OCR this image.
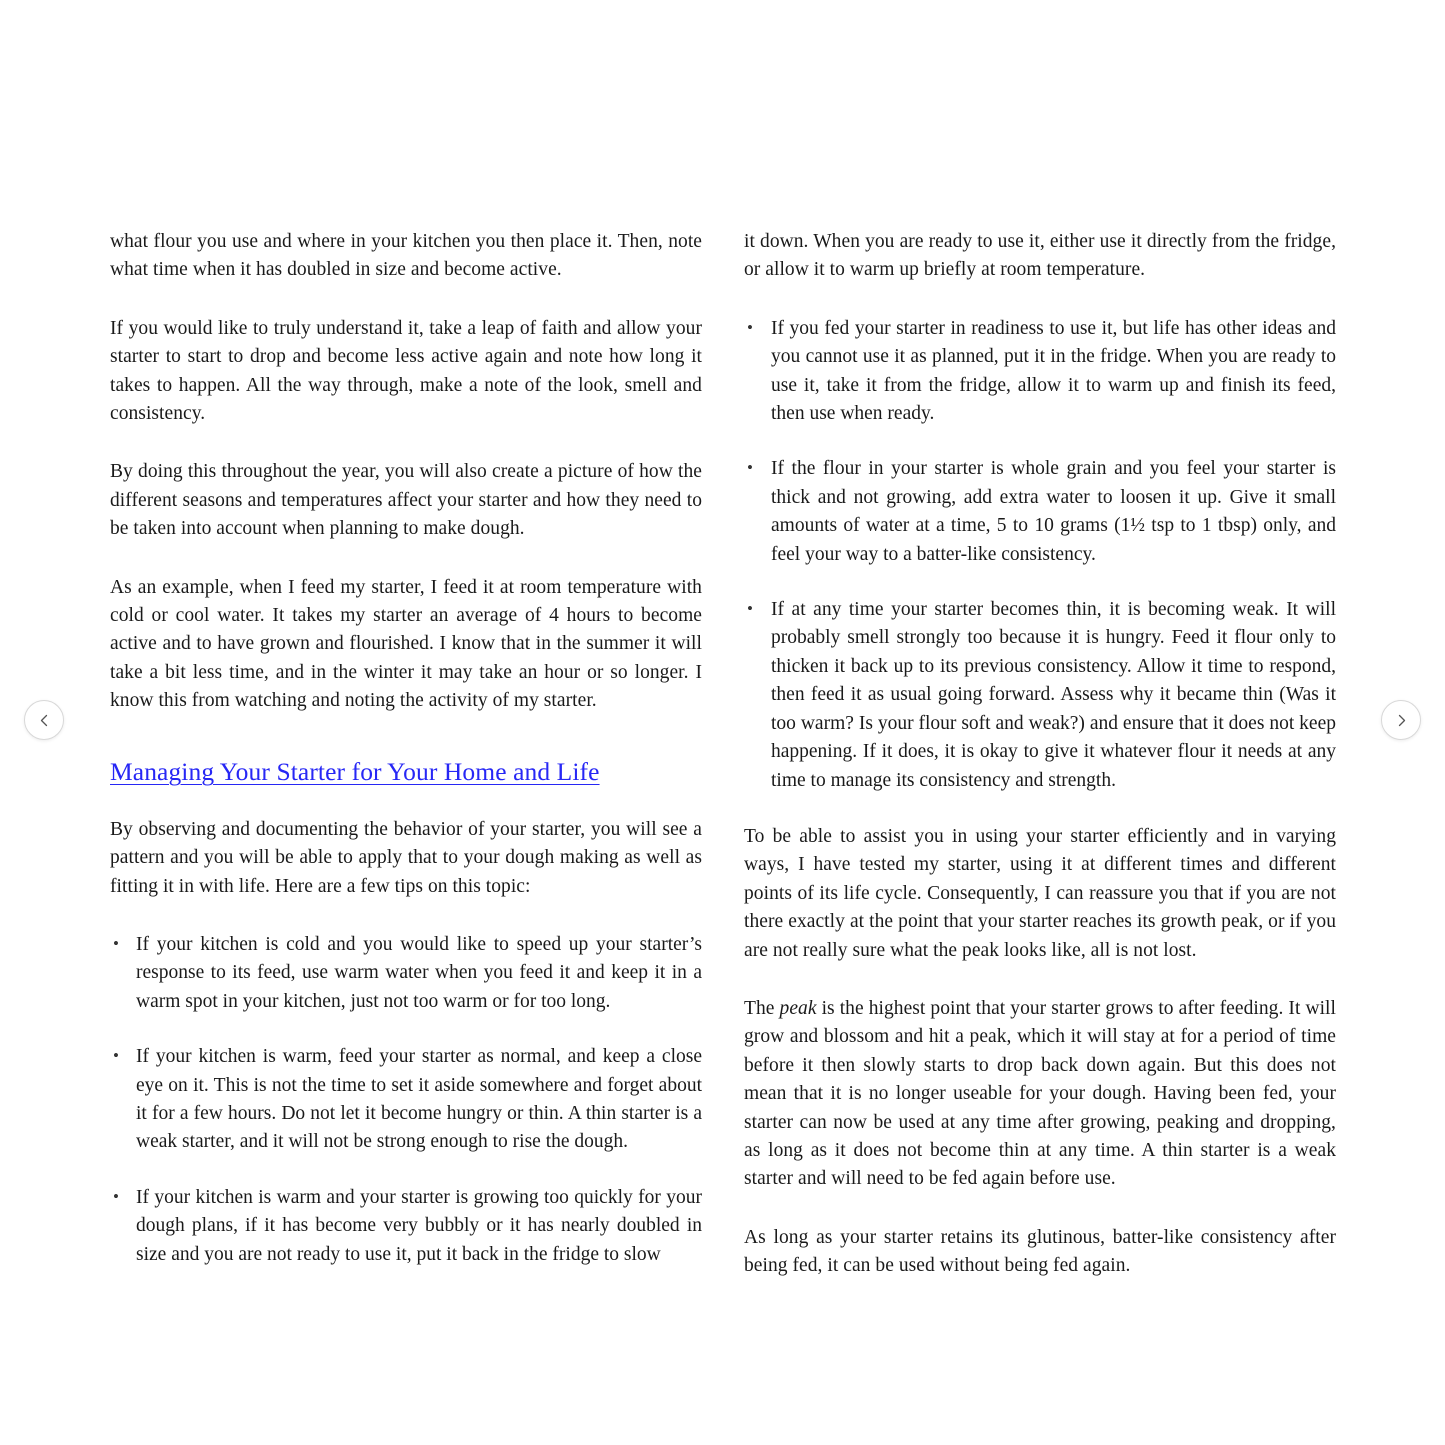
what flour you use and where in your kitchen you then place it. Then, note what time when it has doubled in size and become active.

If you would like to truly understand it, take a leap of faith and allow your starter to start to drop and become less active again and note how long it takes to happen. All the way through, make a note of the look, smell and consistency.

By doing this throughout the year, you will also create a picture of how the different seasons and temperatures affect your starter and how they need to be taken into account when planning to make dough.

As an example, when I feed my starter, I feed it at room temperature with cold or cool water. It takes my starter an average of 4 hours to become active and to have grown and flourished. I know that in the summer it will take a bit less time, and in the winter it may take an hour or so longer. I know this from watching and noting the activity of my starter.

Managing Your Starter for Your Home and Life

By observing and documenting the behavior of your starter, you will see a pattern and you will be able to apply that to your dough making as well as fitting it in with life. Here are a few tips on this topic:

• If your kitchen is cold and you would like to speed up your starter’s response to its feed, use warm water when you feed it and keep it in a warm spot in your kitchen, just not too warm or for too long.
• If your kitchen is warm, feed your starter as normal, and keep a close eye on it. This is not the time to set it aside somewhere and forget about it for a few hours. Do not let it become hungry or thin. A thin starter is a weak starter, and it will not be strong enough to rise the dough.
• If your kitchen is warm and your starter is growing too quickly for your dough plans, if it has become very bubbly or it has nearly doubled in size and you are not ready to use it, put it back in the fridge to slow

it down. When you are ready to use it, either use it directly from the fridge, or allow it to warm up briefly at room temperature.

• If you fed your starter in readiness to use it, but life has other ideas and you cannot use it as planned, put it in the fridge. When you are ready to use it, take it from the fridge, allow it to warm up and finish its feed, then use when ready.
• If the flour in your starter is whole grain and you feel your starter is thick and not growing, add extra water to loosen it up. Give it small amounts of water at a time, 5 to 10 grams (1½ tsp to 1 tbsp) only, and feel your way to a batter-like consistency.
• If at any time your starter becomes thin, it is becoming weak. It will probably smell strongly too because it is hungry. Feed it flour only to thicken it back up to its previous consistency. Allow it time to respond, then feed it as usual going forward. Assess why it became thin (Was it too warm? Is your flour soft and weak?) and ensure that it does not keep happening. If it does, it is okay to give it whatever flour it needs at any time to manage its consistency and strength.

To be able to assist you in using your starter efficiently and in varying ways, I have tested my starter, using it at different times and different points of its life cycle. Consequently, I can reassure you that if you are not there exactly at the point that your starter reaches its growth peak, or if you are not really sure what the peak looks like, all is not lost.

The peak is the highest point that your starter grows to after feeding. It will grow and blossom and hit a peak, which it will stay at for a period of time before it then slowly starts to drop back down again. But this does not mean that it is no longer useable for your dough. Having been fed, your starter can now be used at any time after growing, peaking and dropping, as long as it does not become thin at any time. A thin starter is a weak starter and will need to be fed again before use.

As long as your starter retains its glutinous, batter-like consistency after being fed, it can be used without being fed again.
